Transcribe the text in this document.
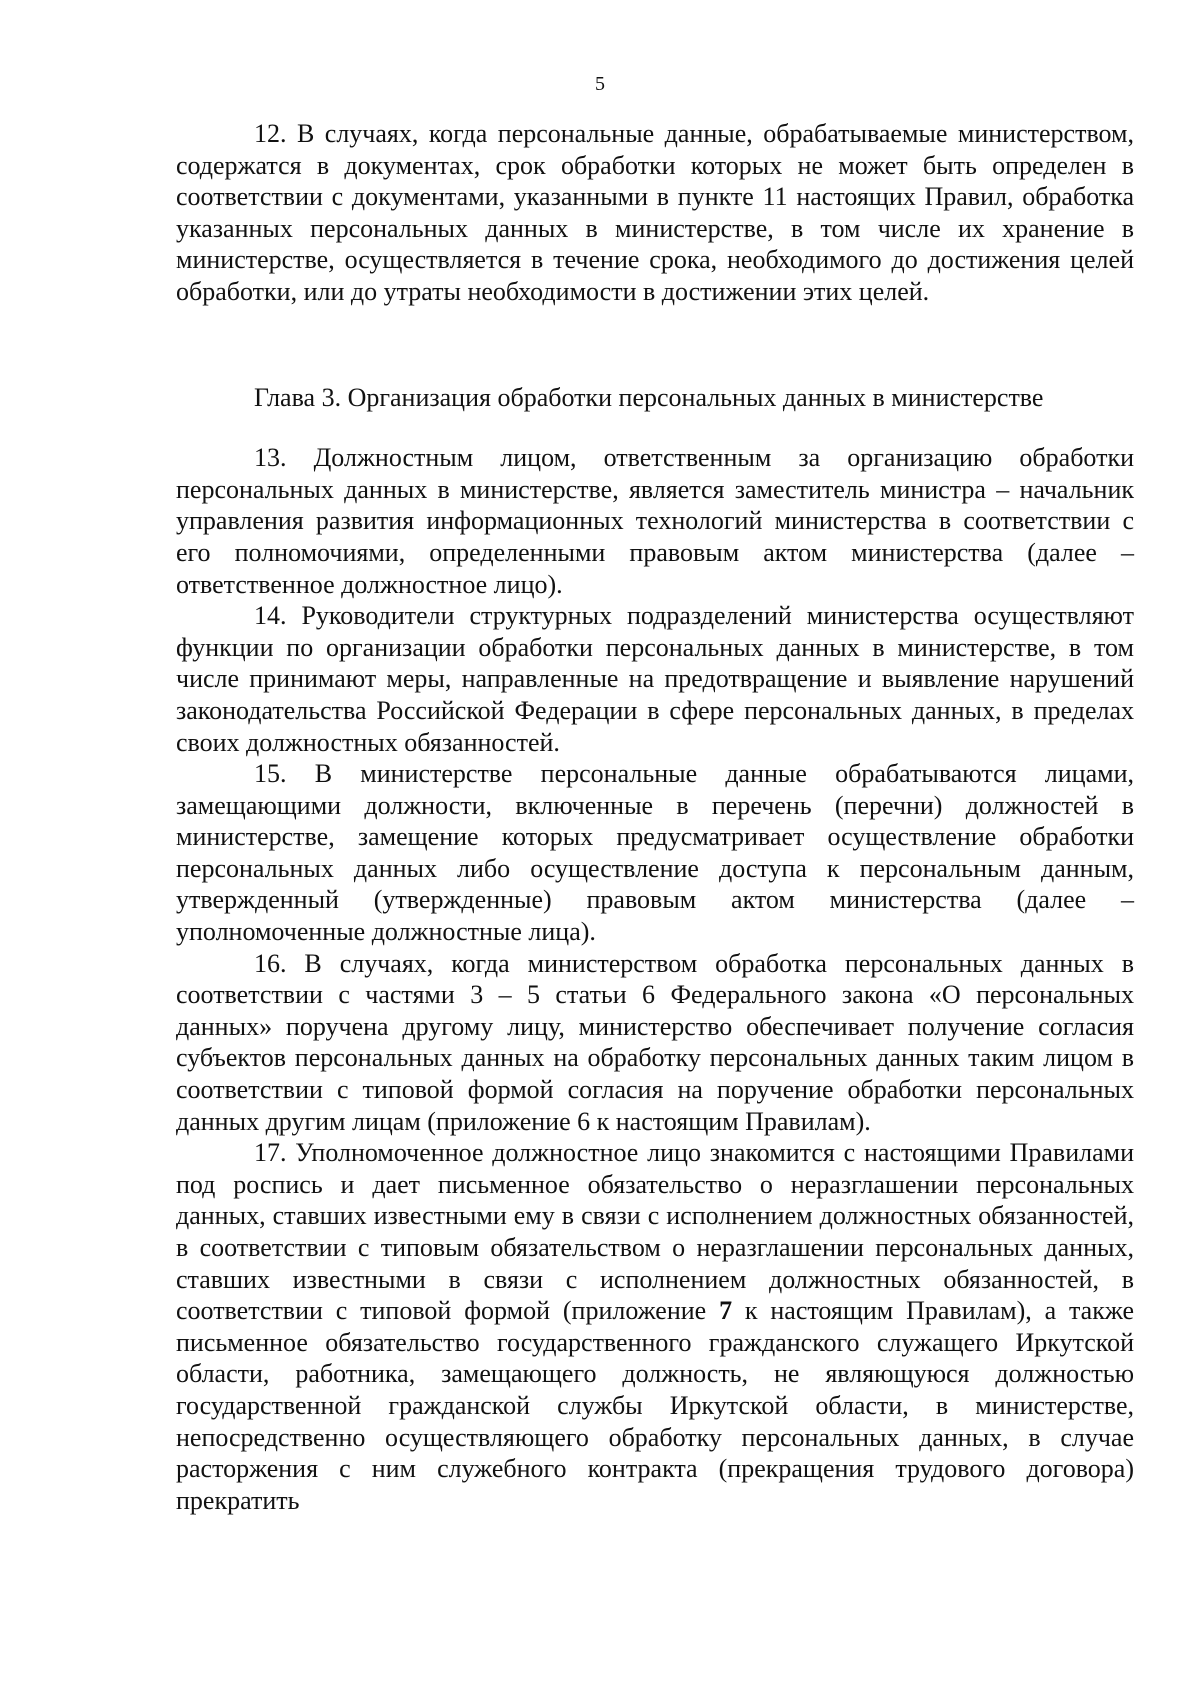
5

12. В случаях, когда персональные данные, обрабатываемые министерством, содержатся в документах, срок обработки которых не может быть определен в соответствии с документами, указанными в пункте 11 настоящих Правил, обработка указанных персональных данных в министерстве, в том числе их хранение в министерстве, осуществляется в течение срока, необходимого до достижения целей обработки, или до утраты необходимости в достижении этих целей.

Глава 3. Организация обработки персональных данных в министерстве

13. Должностным лицом, ответственным за организацию обработки персональных данных в министерстве, является заместитель министра – начальник управления развития информационных технологий министерства в соответствии с его полномочиями, определенными правовым актом министерства (далее – ответственное должностное лицо).

14. Руководители структурных подразделений министерства осуществляют функции по организации обработки персональных данных в министерстве, в том числе принимают меры, направленные на предотвращение и выявление нарушений законодательства Российской Федерации в сфере персональных данных, в пределах своих должностных обязанностей.

15. В министерстве персональные данные обрабатываются лицами, замещающими должности, включенные в перечень (перечни) должностей в министерстве, замещение которых предусматривает осуществление обработки персональных данных либо осуществление доступа к персональным данным, утвержденный (утвержденные) правовым актом министерства (далее – уполномоченные должностные лица).

16. В случаях, когда министерством обработка персональных данных в соответствии с частями 3 – 5 статьи 6 Федерального закона «О персональных данных» поручена другому лицу, министерство обеспечивает получение согласия субъектов персональных данных на обработку персональных данных таким лицом в соответствии с типовой формой согласия на поручение обработки персональных данных другим лицам (приложение 6 к настоящим Правилам).

17. Уполномоченное должностное лицо знакомится с настоящими Правилами под роспись и дает письменное обязательство о неразглашении персональных данных, ставших известными ему в связи с исполнением должностных обязанностей, в соответствии с типовым обязательством о неразглашении персональных данных, ставших известными в связи с исполнением должностных обязанностей, в соответствии с типовой формой (приложение 7 к настоящим Правилам), а также письменное обязательство государственного гражданского служащего Иркутской области, работника, замещающего должность, не являющуюся должностью государственной гражданской службы Иркутской области, в министерстве, непосредственно осуществляющего обработку персональных данных, в случае расторжения с ним служебного контракта (прекращения трудового договора) прекратить
